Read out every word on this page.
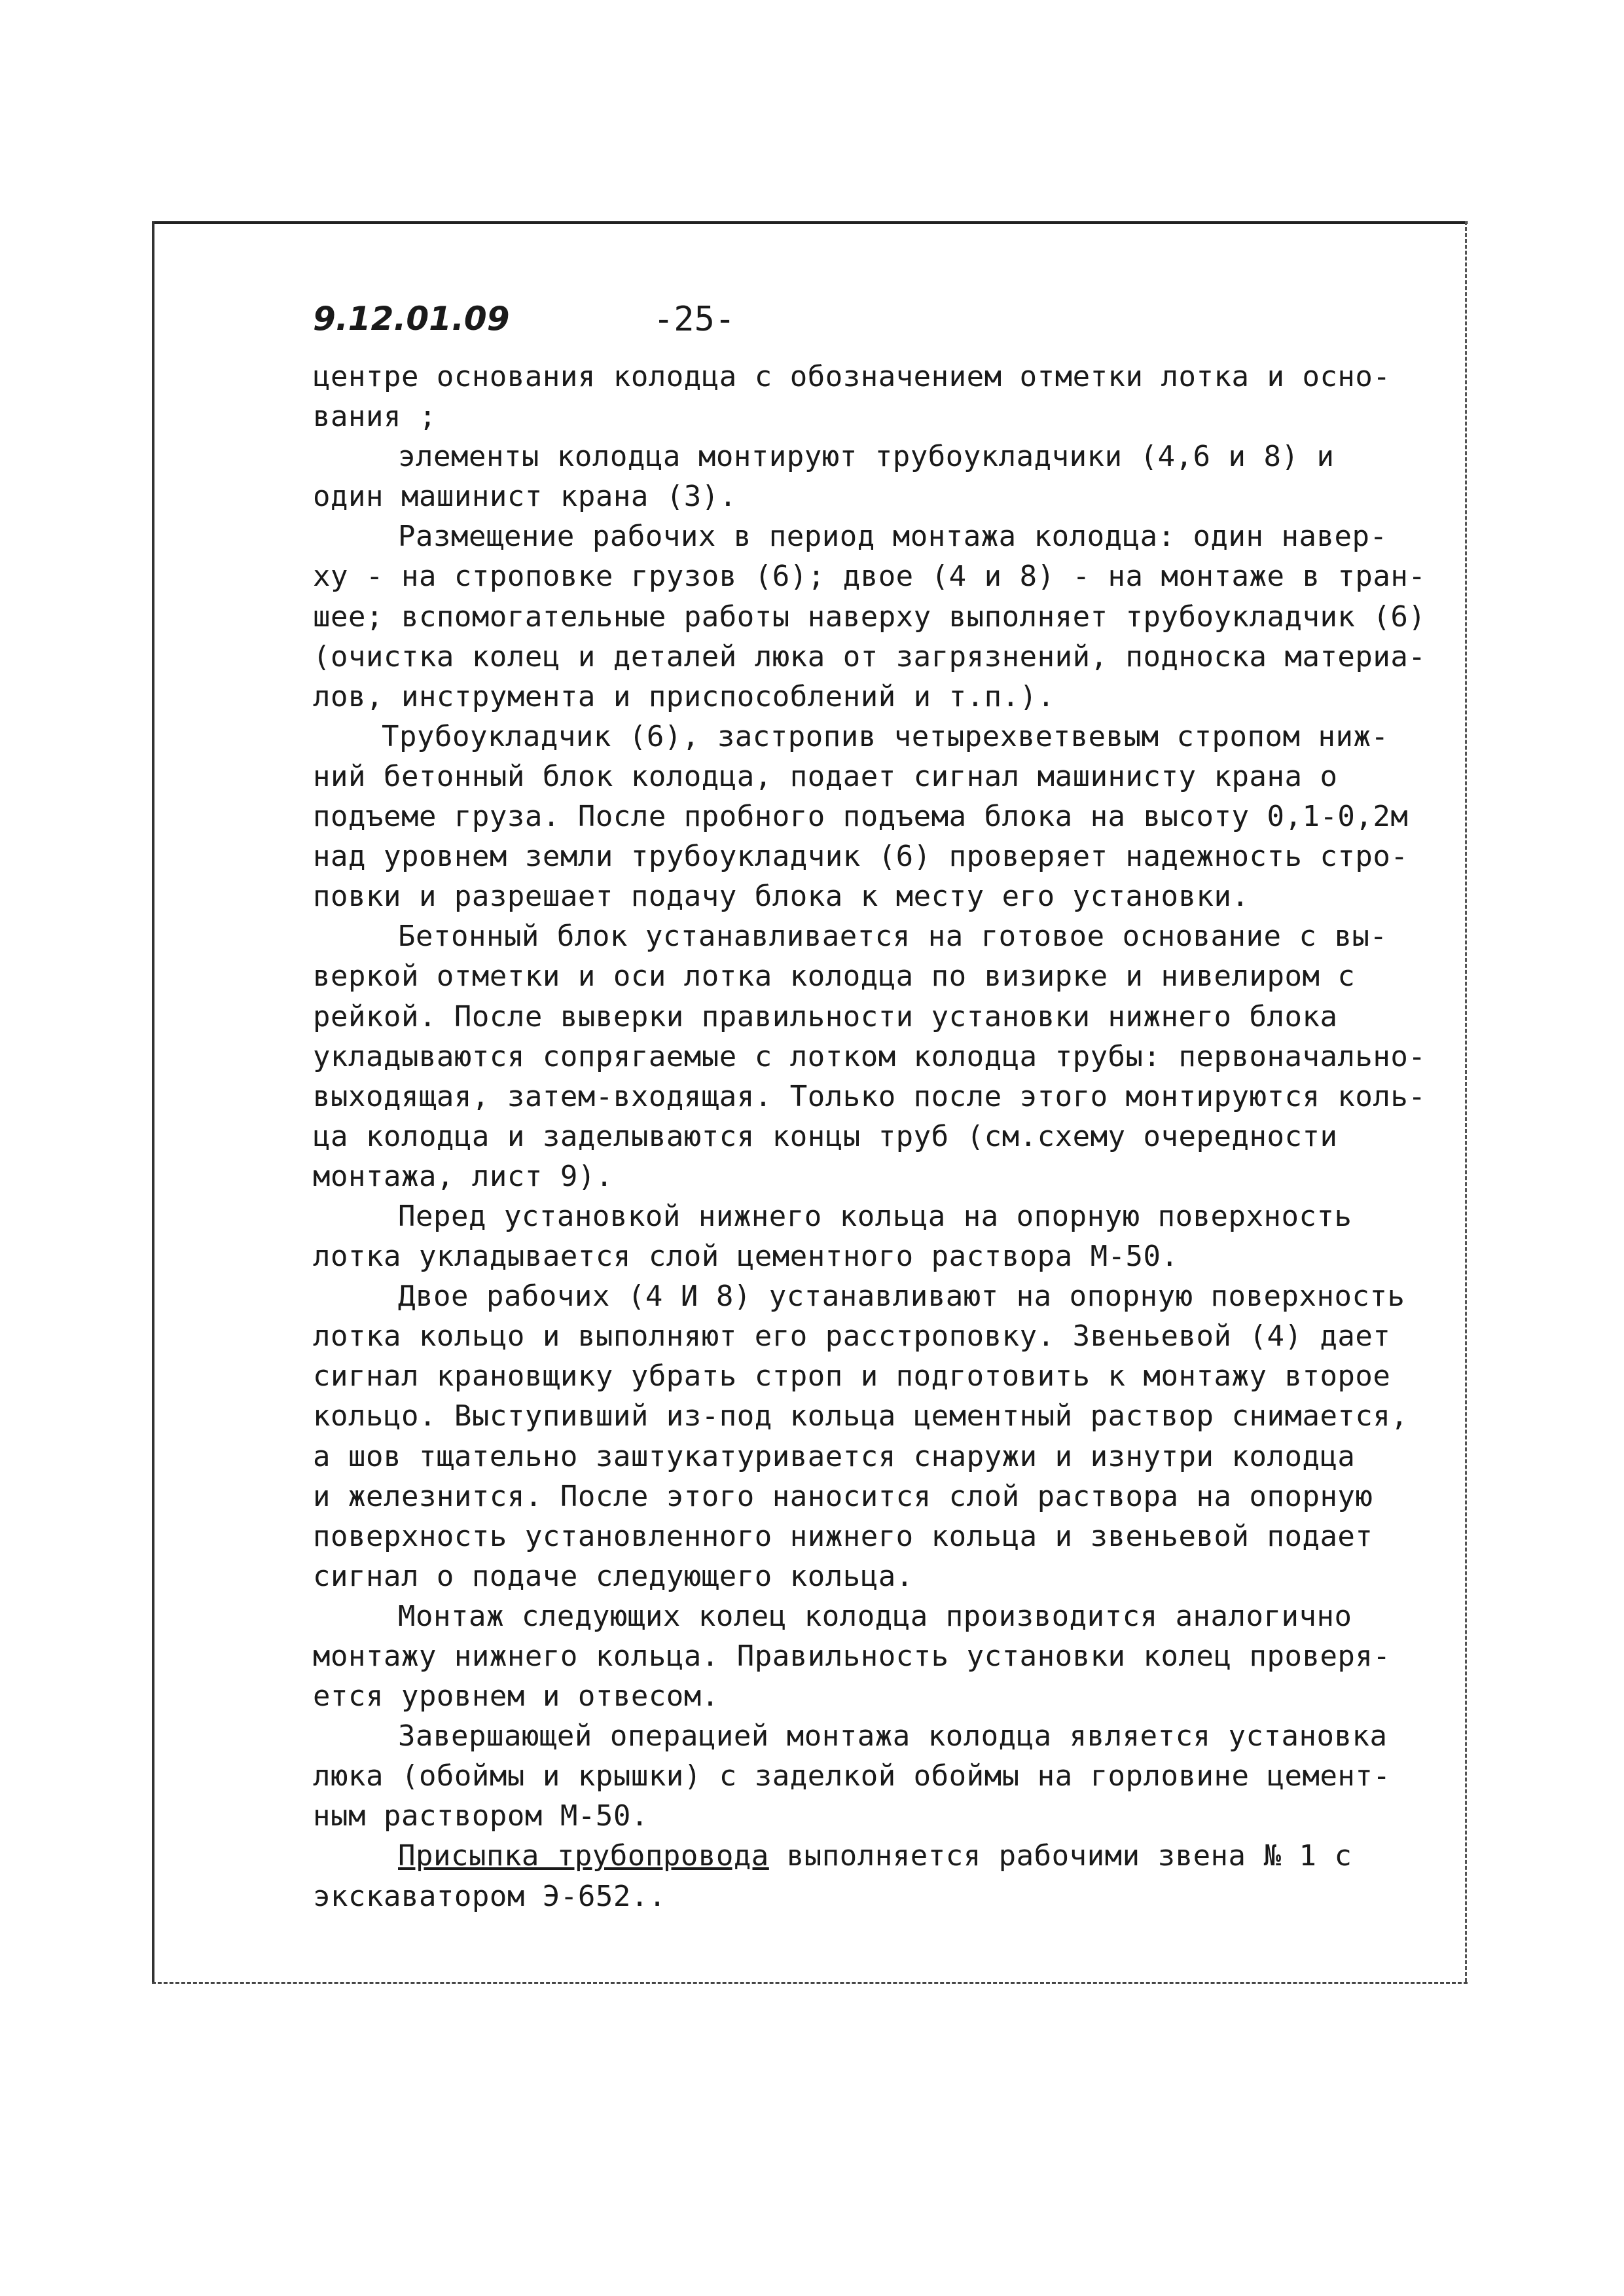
9.12.01.09	-25-
центре основания колодца с обозначением отметки лотка и осно-
вания ;
элементы колодца монтируют трубоукладчики (4,6 и 8) и
один машинист крана (3).
Размещение рабочих в период монтажа колодца: один навер-
ху - на строповке грузов (6); двое (4 и 8) - на монтаже в тран-
шее; вспомогательные работы наверху выполняет трубоукладчик (6)
(очистка колец и деталей люка от загрязнений, подноска материа-
лов, инструмента и приспособлений и т.п.).
Трубоукладчик (6), застропив четырехветвевым стропом ниж-
ний бетонный блок колодца, подает сигнал машинисту крана о
подъеме груза. После пробного подъема блока на высоту 0,1-0,2м
над уровнем земли трубоукладчик (6) проверяет надежность стро-
повки и разрешает подачу блока к месту его установки.
Бетонный блок устанавливается на готовое основание с вы-
веркой отметки и оси лотка колодца по визирке и нивелиром с
рейкой. После выверки правильности установки нижнего блока
укладываются сопрягаемые с лотком колодца трубы: первоначально-
выходящая, затем-входящая. Только после этого монтируются коль-
ца колодца и заделываются концы труб (см.схему очередности
монтажа, лист 9).
Перед установкой нижнего кольца на опорную поверхность
лотка укладывается слой цементного раствора М-50.
Двое рабочих (4 И 8) устанавливают на опорную поверхность
лотка кольцо и выполняют его расстроповку. Звеньевой (4) дает
сигнал крановщику убрать строп и подготовить к монтажу второе
кольцо. Выступивший из-под кольца цементный раствор снимается,
а шов тщательно заштукатуривается снаружи и изнутри колодца
и железнится. После этого наносится слой раствора на опорную
поверхность установленного нижнего кольца и звеньевой подает
сигнал о подаче следующего кольца.
Монтаж следующих колец колодца производится аналогично
монтажу нижнего кольца. Правильность установки колец проверя-
ется уровнем и отвесом.
Завершающей операцией монтажа колодца является установка
люка (обоймы и крышки) с заделкой обоймы на горловине цемент-
ным раствором М-50.
Присыпка трубопровода выполняется рабочими звена № 1 с
экскаватором Э-652..
